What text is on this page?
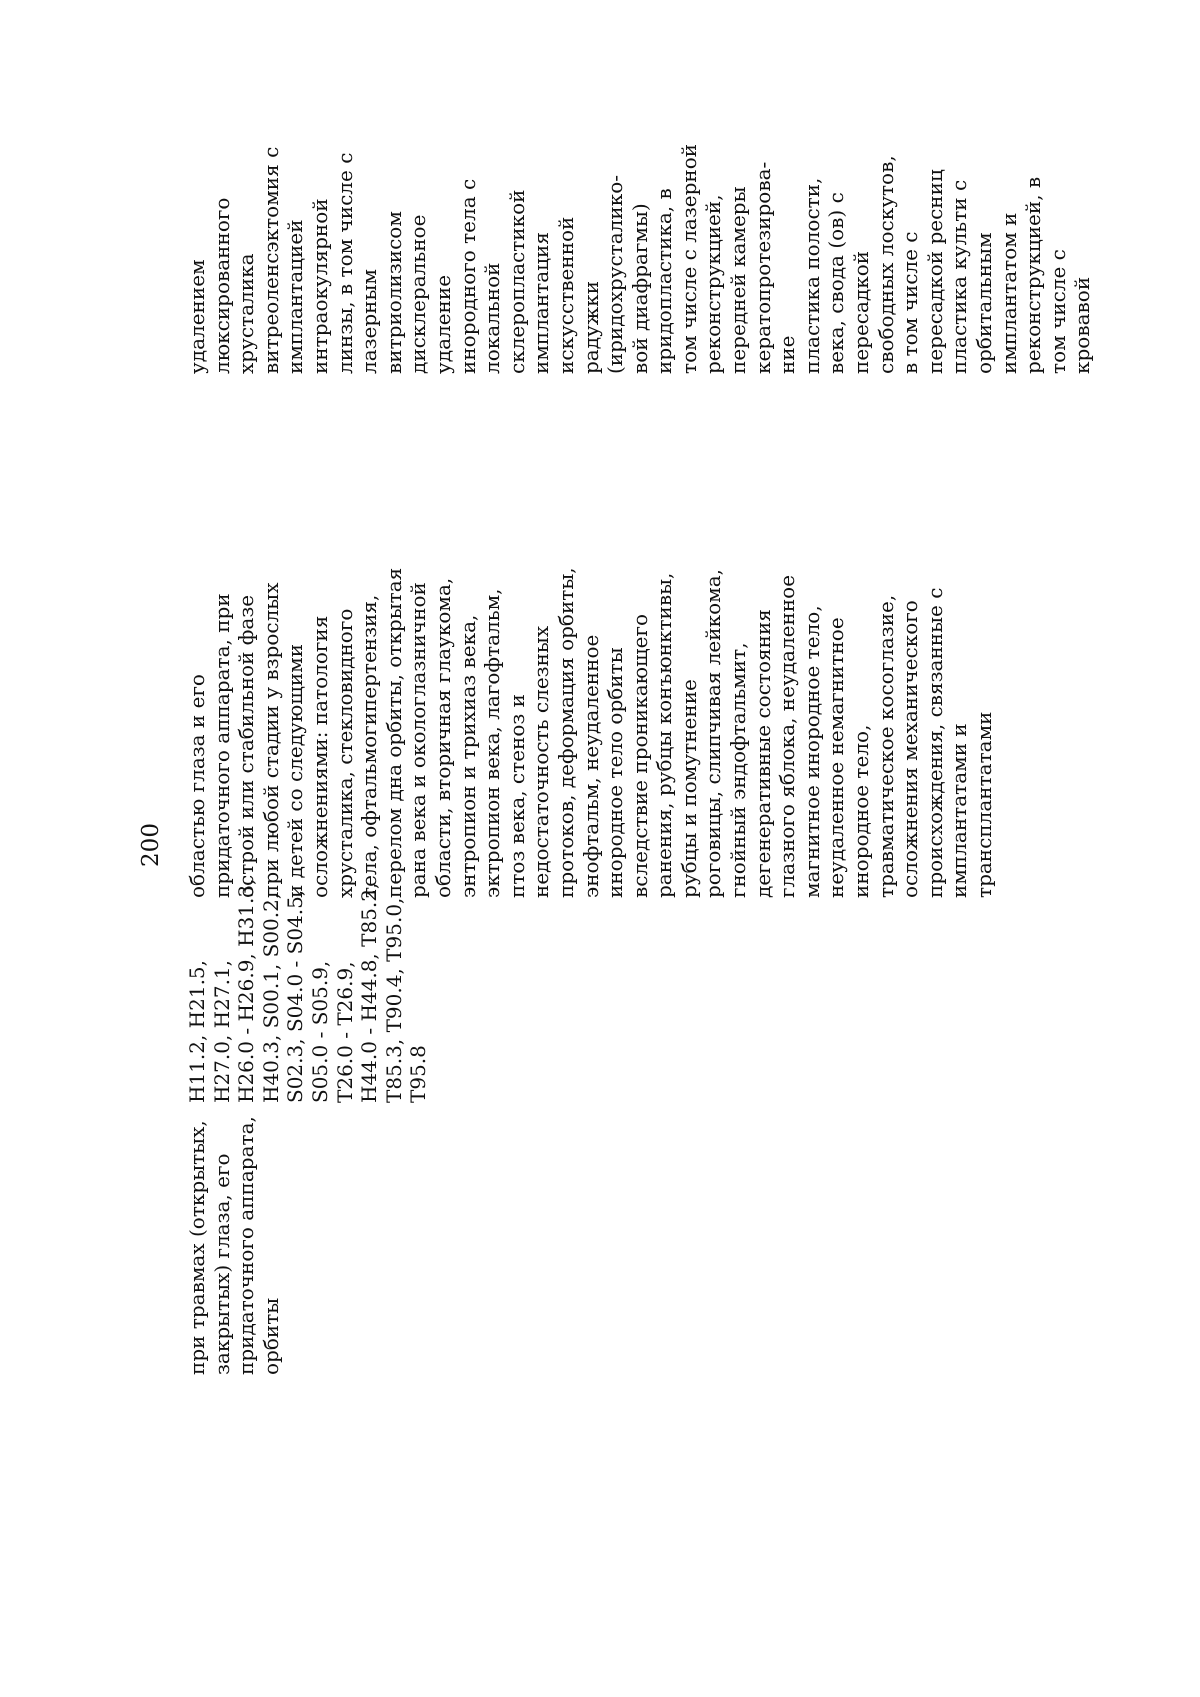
200
при травмах (открытых, закрытых) глаза, его придаточного аппарата, орбиты
H11.2, H21.5, H27.0, H27.1, H26.0 - H26.9, H31.3, H40.3, S00.1, S00.2, S02.3, S04.0 - S04.5, S05.0 - S05.9, T26.0 - T26.9, H44.0 - H44.8, T85.2, T85.3, T90.4, T95.0, T95.8
областью глаза и его придаточного аппарата, при острой или стабильной фазе при любой стадии у взрослых и детей со следующими осложнениями: патология хрусталика, стекловидного тела, офтальмогипертензия, перелом дна орбиты, открытая рана века и окологлазничной области, вторичная глаукома, энтропион и трихиаз века, эктропион века, лагофтальм, птоз века, стеноз и недостаточность слезных протоков, деформация орбиты, энофтальм, неудаленное инородное тело орбиты вследствие проникающего ранения, рубцы конъюнктивы, рубцы и помутнение роговицы, слипчивая лейкома, гнойный эндофтальмит, дегенеративные состояния глазного яблока, неудаленное магнитное инородное тело, неудаленное немагнитное инородное тело, травматическое косоглазие, осложнения механического происхождения, связанные с имплантатами и трансплантатами
удалением люксированного хрусталика витреоленсэктомия с имплантацией интраокулярной линзы, в том числе с лазерным витриолизисом дисклеральное удаление инородного тела с локальной склеропластикой имплантация искусственной радужки (иридохрусталико- вой диафрагмы) иридопластика, в том числе с лазерной реконструкцией, передней камеры кератопротезирова- ние пластика полости, века, свода (ов) с пересадкой свободных лоскутов, в том числе с пересадкой ресниц пластика культи с орбитальным имплантатом и реконструкцией, в том числе с кровавой
